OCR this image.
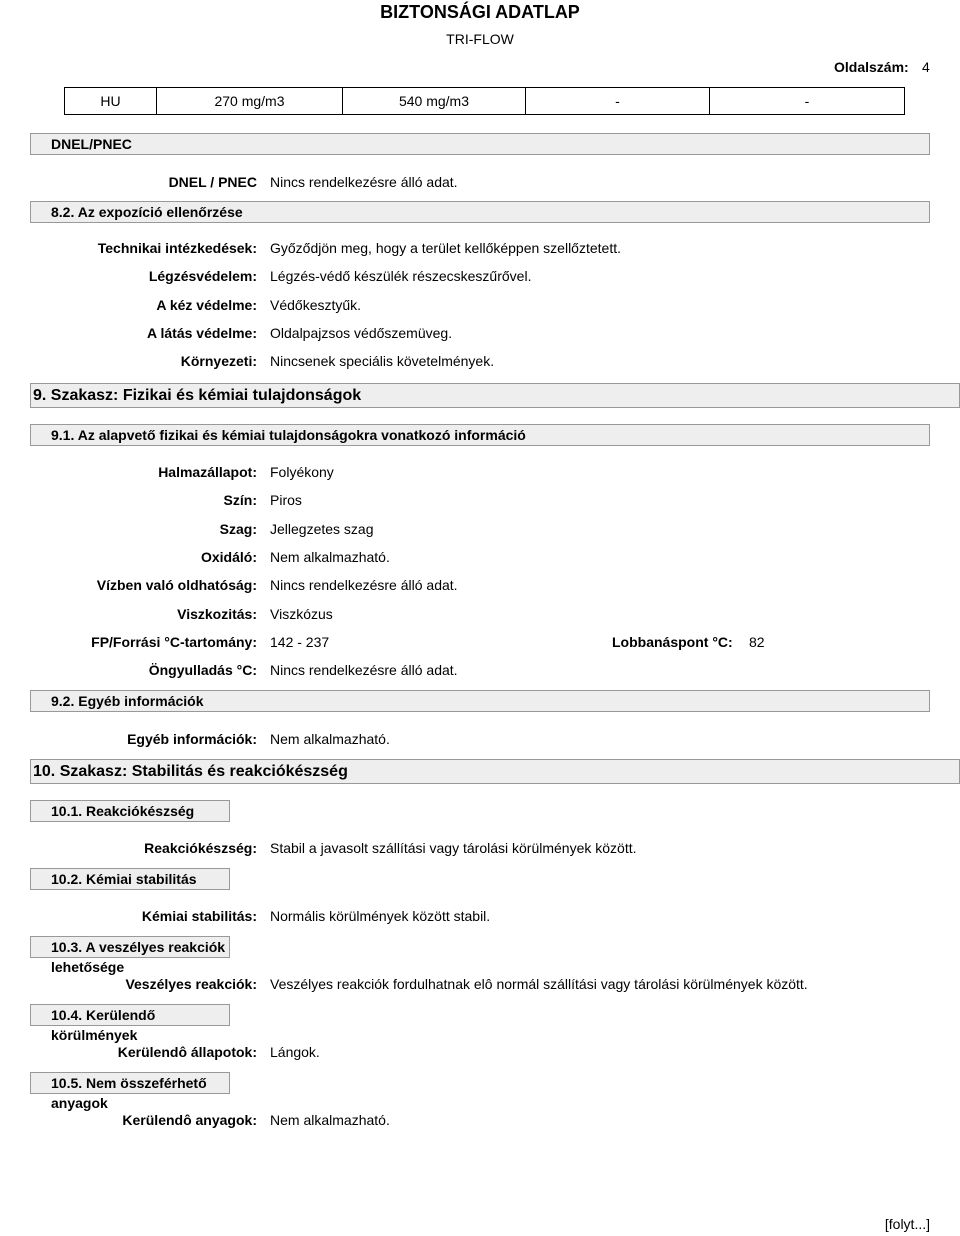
BIZTONSÁGI ADATLAP
TRI-FLOW
Oldalszám: 4
HU	270 mg/m3	540 mg/m3	-	-
DNEL/PNEC
DNEL / PNEC Nincs rendelkezésre álló adat.
8.2. Az expozíció ellenőrzése
Technikai intézkedések: Győződjön meg, hogy a terület kellőképpen szellőztetett.
Légzésvédelem: Légzés-védő készülék részecskeszűrővel.
A kéz védelme: Védőkesztyűk.
A látás védelme: Oldalpajzsos védőszemüveg.
Környezeti: Nincsenek speciális követelmények.
9. Szakasz: Fizikai és kémiai tulajdonságok
9.1. Az alapvető fizikai és kémiai tulajdonságokra vonatkozó információ
Halmazállapot: Folyékony
Szín: Piros
Szag: Jellegzetes szag
Oxidáló: Nem alkalmazható.
Vízben való oldhatóság: Nincs rendelkezésre álló adat.
Viszkozitás: Viszkózus
FP/Forrási °C-tartomány: 142 - 237	Lobbanáspont °C: 82
Öngyulladás °C: Nincs rendelkezésre álló adat.
9.2. Egyéb információk
Egyéb információk: Nem alkalmazható.
10. Szakasz: Stabilitás és reakciókészség
10.1. Reakciókészség
Reakciókészség: Stabil a javasolt szállítási vagy tárolási körülmények között.
10.2. Kémiai stabilitás
Kémiai stabilitás: Normális körülmények között stabil.
10.3. A veszélyes reakciók lehetősége
Veszélyes reakciók: Veszélyes reakciók fordulhatnak elô normál szállítási vagy tárolási körülmények között.
10.4. Kerülendő körülmények
Kerülendô állapotok: Lángok.
10.5. Nem összeférhető anyagok
Kerülendô anyagok: Nem alkalmazható.
[folyt...]
